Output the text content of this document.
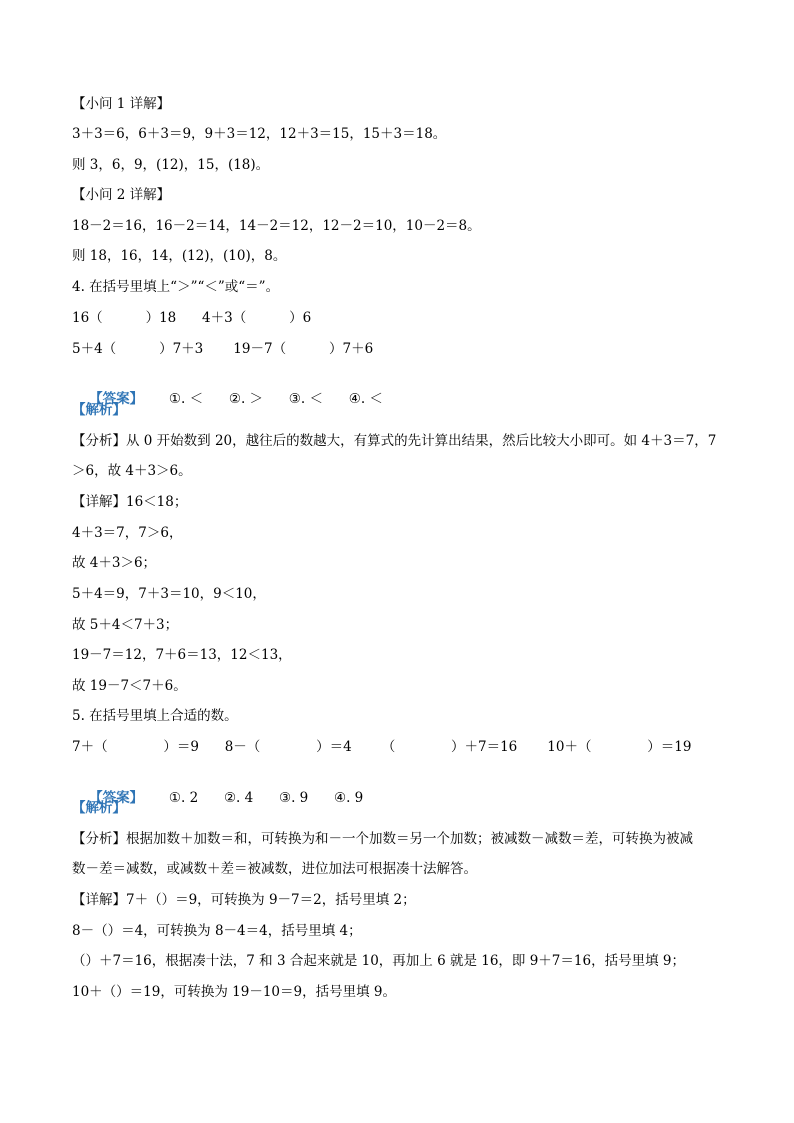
【小问 1 详解】
3＋3＝6，6＋3＝9，9＋3＝12，12＋3＝15，15＋3＝18。
则 3，6，9，(12)，15，(18)。
【小问 2 详解】
18－2＝16，16－2＝14，14－2＝12，12－2＝10，10－2＝8。
则 18，16，14，(12)，(10)，8。
4. 在括号里填上“＞”“＜”或“＝”。
16（          ）18      4＋3（          ）6
5＋4（          ）7＋3       19－7（          ）7＋6

【答案】 ①. ＜      ②. ＞      ③. ＜      ④. ＜

【解析】
【分析】从 0 开始数到 20，越往后的数越大，有算式的先计算出结果，然后比较大小即可。如 4＋3＝7，7
＞6，故 4＋3＞6。
【详解】16＜18；
4＋3＝7，7＞6，
故 4＋3＞6；
5＋4＝9，7＋3＝10，9＜10，
故 5＋4＜7＋3；
19－7＝12，7＋6＝13，12＜13，
故 19－7＜7＋6。
5. 在括号里填上合适的数。
7＋（             ）＝9      8－（             ）＝4       （             ）＋7＝16       10＋（             ）＝19

【答案】 ①. 2      ②. 4      ③. 9      ④. 9

【解析】
【分析】根据加数＋加数＝和，可转换为和－一个加数＝另一个加数；被减数－减数＝差，可转换为被减
数－差＝减数，或减数＋差＝被减数，进位加法可根据凑十法解答。
【详解】7＋（）＝9，可转换为 9－7＝2，括号里填 2；
8－（）＝4，可转换为 8－4＝4，括号里填 4；
（）＋7＝16，根据凑十法，7 和 3 合起来就是 10，再加上 6 就是 16，即 9＋7＝16，括号里填 9；
10＋（）＝19，可转换为 19－10＝9，括号里填 9。
